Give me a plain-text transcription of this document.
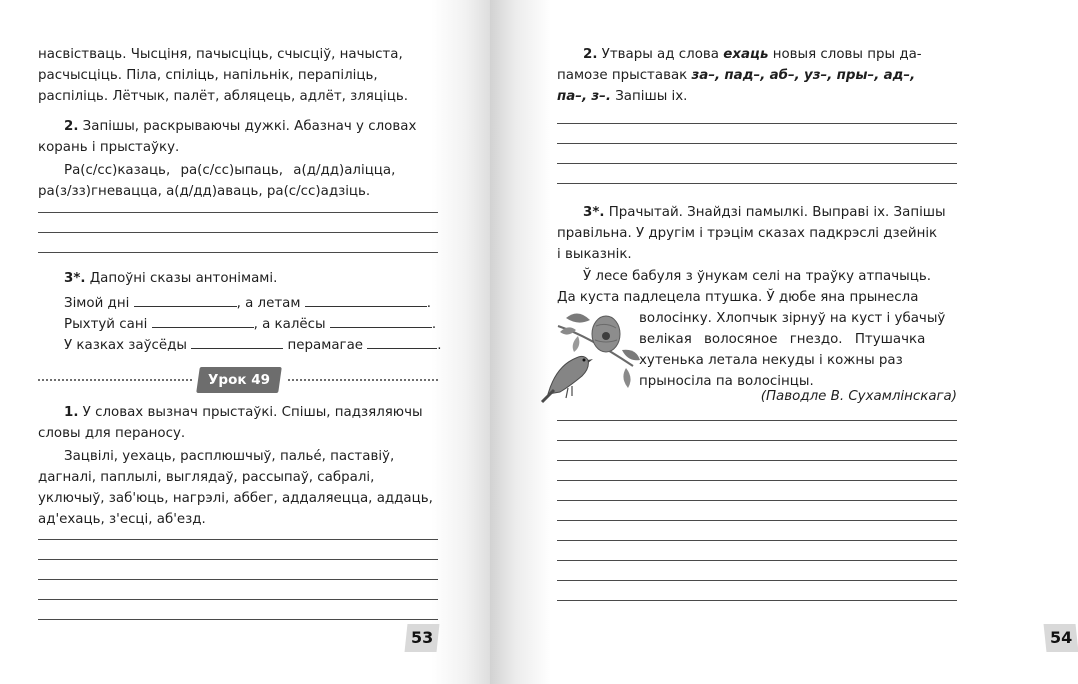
насвістваць. Чысціня, пачысціць, счысціў, начыста,

расчысціць. Піла, спіліць, напільнік, перапіліць,

распіліць. Лётчык, палёт, абляцець, адлёт, зляціць.

2. Запішы, раскрываючы дужкі. Абазнач у словах

корань і прыстаўку.

Ра(с/сс)казаць, ра(с/сс)ыпаць, а(д/дд)аліцца,

ра(з/зз)гневацца, а(д/дд)аваць, ра(с/сс)адзіць.

3*. Дапоўні сказы антонімамі.

Зімой дні	, а летам	.

Рыхтуй сані	, а калёсы	.

У казках заўсёды	перамагае	.

1. У словах вызнач прыстаўкі. Спішы, падзяляючы

словы для пераносу.

Зацвілі, уехаць, расплюшчыў, пальé, паставіў,

дагналі, паплылі, выглядаў, рассыпаў, сабралі,

уключыў, заб'юць, нагрэлі, аббег, аддаляецца, аддаць,

ад'ехаць, з'есці, аб'езд.

Урок 49
53

2. Утвары ад слова ехаць новыя словы пры да-

памозе прыставак за–, пад–, аб–, уз–, пры–, ад–,

па–, з–. Запішы іх.

3*. Прачытай. Знайдзі памылкі. Выправі іх. Запішы

правільна. У другім і трэцім сказах падкрэслі дзейнік

і выказнік.

Ў лесе бабуля з ўнукам селі на траўку атпачыць.

Да куста падлецела птушка. Ў дюбе яна прынесла

волосінку. Хлопчык зірнуў на куст і убачыў

велікая волосяное гнездо. Птушачка

хутенька летала некуды і кожны раз

прыносіла па волосінцы.

(Паводле В. Сухамлінскага)

54
